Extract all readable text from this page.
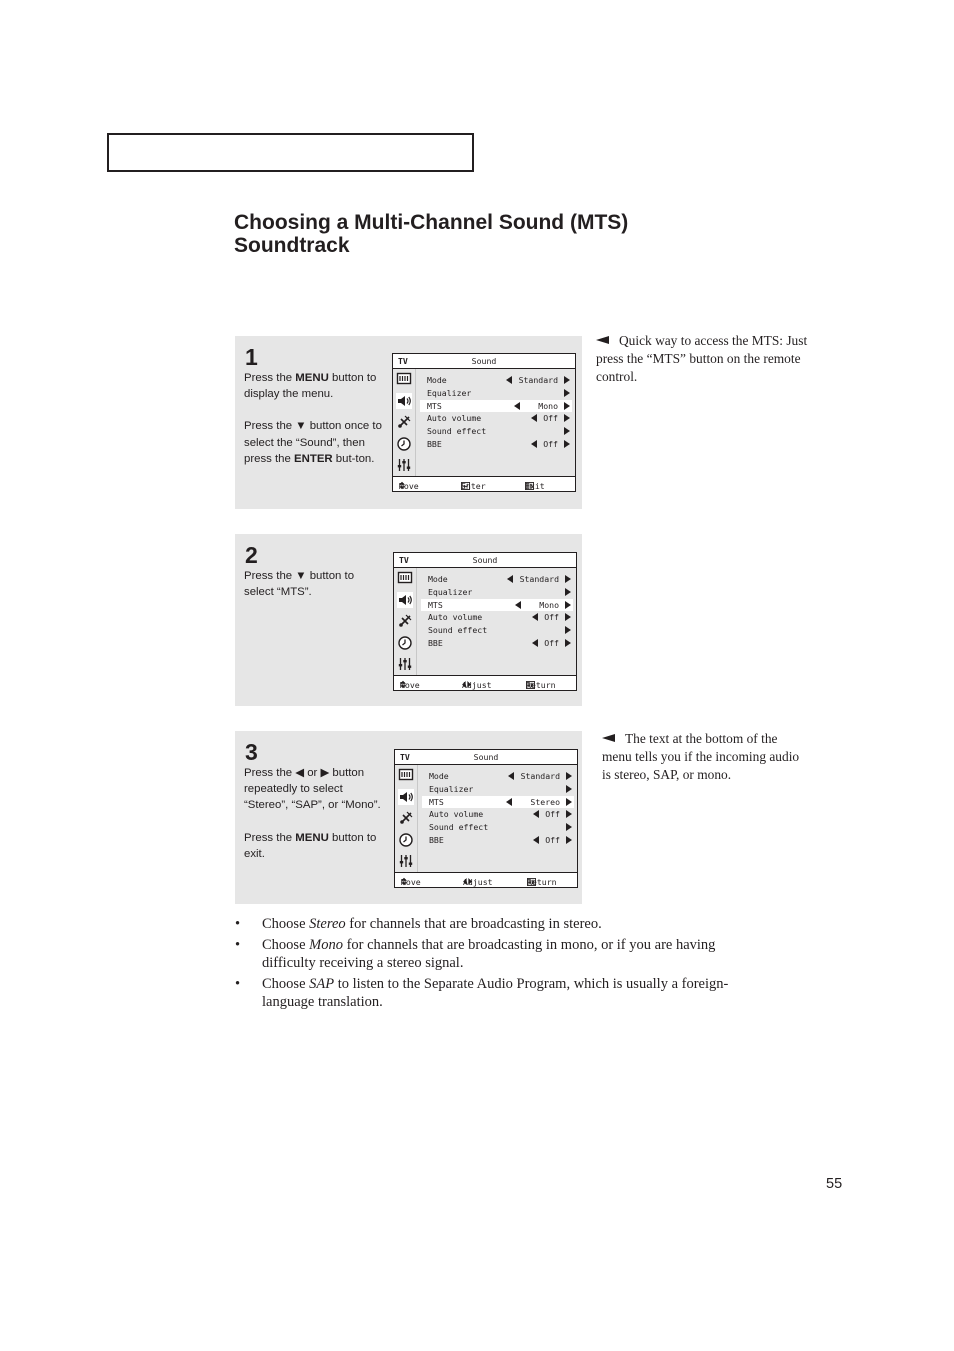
Choosing a Multi-Channel Sound (MTS)
Soundtrack
1

Press the MENU button to display the menu.

Press the ▼ button once to select the “Sound”, then press the ENTER but-ton.

TV	Sound
Mode	Standard
Equalizer
MTS	Mono
Auto volume	Off
Sound effect
BBE	Off
Move	Enter	Exit
2

Press the ▼ button to select “MTS”.

TV	Sound
Mode	Standard
Equalizer
MTS	Mono
Auto volume	Off
Sound effect
BBE	Off
Move	Adjust	Return
3

Press the ◀ or ▶ button repeatedly to select “Stereo”, “SAP”, or “Mono”.

Press the MENU button to exit.

TV	Sound
Mode	Standard
Equalizer
MTS	Stereo
Auto volume	Off
Sound effect
BBE	Off
Move	Adjust	Return
Quick way to access the MTS: Just press the “MTS” button on the remote control.
The text at the bottom of the menu tells you if the incoming audio is stereo, SAP, or mono.
• Choose Stereo for channels that are broadcasting in stereo.
• Choose Mono for channels that are broadcasting in mono, or if you are having difficulty receiving a stereo signal.
• Choose SAP to listen to the Separate Audio Program, which is usually a foreign-language translation.
55
